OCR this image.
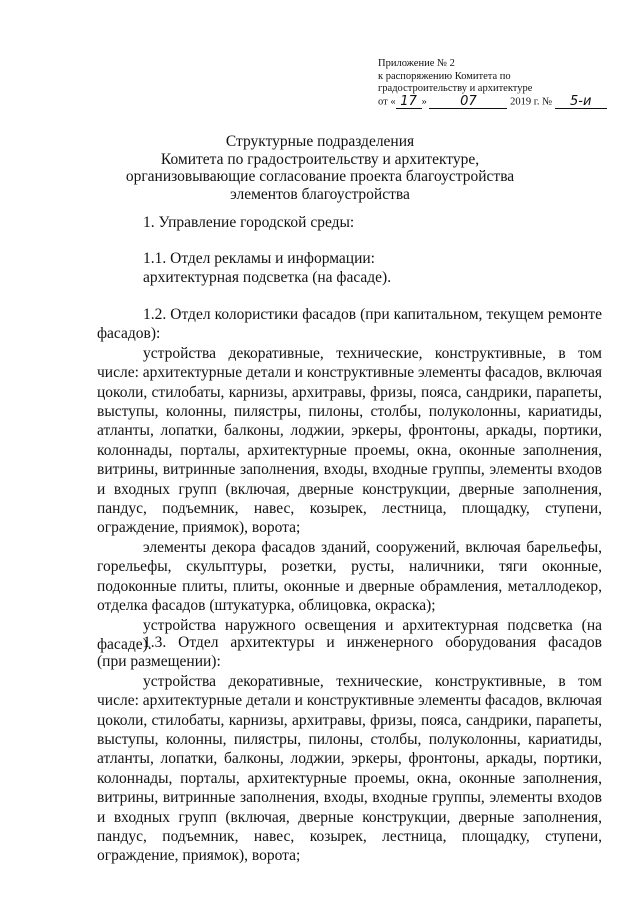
Приложение № 2
к распоряжению Комитета по
градостроительству и архитектуре
от « 17 »	07	2019 г. № 5-и
Структурные подразделения
Комитета по градостроительству и архитектуре,
организовывающие согласование проекта благоустройства
элементов благоустройства
1. Управление городской среды:
1.1. Отдел рекламы и информации:
архитектурная подсветка (на фасаде).
1.2. Отдел колористики фасадов (при капитальном, текущем ремонте
фасадов):
устройства декоративные, технические, конструктивные, в том
числе: архитектурные детали и конструктивные элементы фасадов, включая
цоколи, стилобаты, карнизы, архитравы, фризы, пояса, сандрики, парапеты,
выступы, колонны, пилястры, пилоны, столбы, полуколонны, кариатиды,
атланты, лопатки, балконы, лоджии, эркеры, фронтоны, аркады, портики,
колоннады, порталы, архитектурные проемы, окна, оконные заполнения,
витрины, витринные заполнения, входы, входные группы, элементы входов
и входных групп (включая, дверные конструкции, дверные заполнения,
пандус, подъемник, навес, козырек, лестница, площадку, ступени,
ограждение, приямок), ворота;
элементы декора фасадов зданий, сооружений, включая барельефы,
горельефы, скульптуры, розетки, русты, наличники, тяги оконные,
подоконные плиты, плиты, оконные и дверные обрамления, металлодекор,
отделка фасадов (штукатурка, облицовка, окраска);
устройства наружного освещения и архитектурная подсветка (на
фасаде).
1.3. Отдел архитектуры и инженерного оборудования фасадов
(при размещении):
устройства декоративные, технические, конструктивные, в том
числе: архитектурные детали и конструктивные элементы фасадов, включая
цоколи, стилобаты, карнизы, архитравы, фризы, пояса, сандрики, парапеты,
выступы, колонны, пилястры, пилоны, столбы, полуколонны, кариатиды,
атланты, лопатки, балконы, лоджии, эркеры, фронтоны, аркады, портики,
колоннады, порталы, архитектурные проемы, окна, оконные заполнения,
витрины, витринные заполнения, входы, входные группы, элементы входов
и входных групп (включая, дверные конструкции, дверные заполнения,
пандус, подъемник, навес, козырек, лестница, площадку, ступени,
ограждение, приямок), ворота;
